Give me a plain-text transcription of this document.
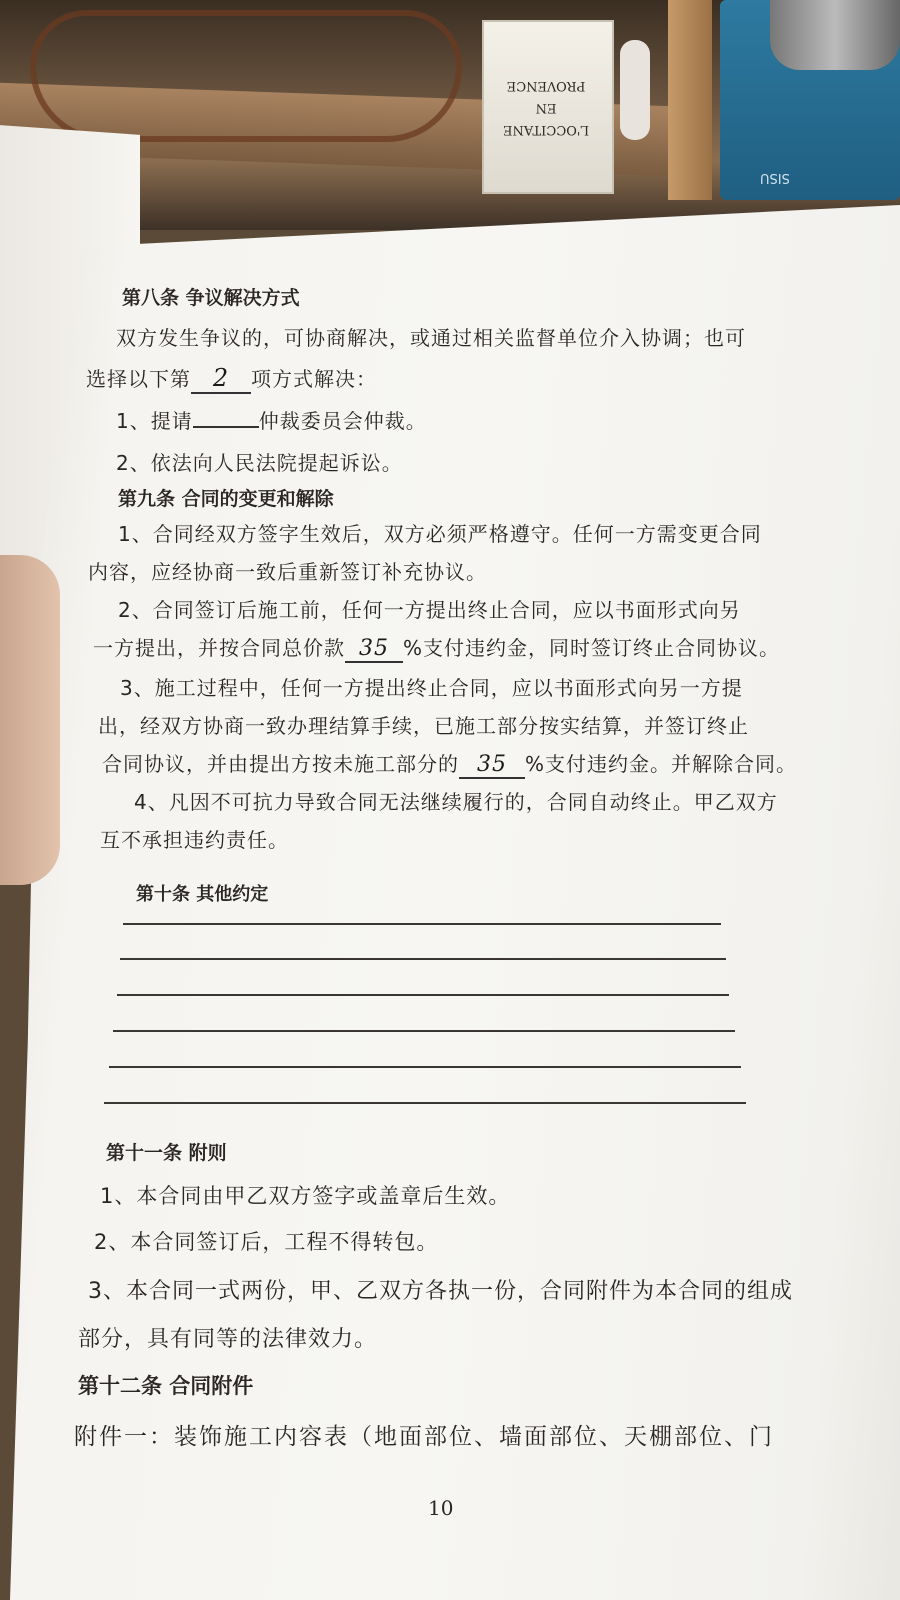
L'OCCITANE EN PROVENCE
SISU
第八条 争议解决方式
双方发生争议的，可协商解决，或通过相关监督单位介入协调；也可
选择以下第 2 项方式解决：
1、提请	仲裁委员会仲裁。
2、依法向人民法院提起诉讼。
第九条 合同的变更和解除
1、合同经双方签字生效后，双方必须严格遵守。任何一方需变更合同
内容，应经协商一致后重新签订补充协议。
2、合同签订后施工前，任何一方提出终止合同，应以书面形式向另
一方提出，并按合同总价款 35 %支付违约金，同时签订终止合同协议。
3、施工过程中，任何一方提出终止合同，应以书面形式向另一方提
出，经双方协商一致办理结算手续，已施工部分按实结算，并签订终止
合同协议，并由提出方按未施工部分的 35 %支付违约金。并解除合同。
4、凡因不可抗力导致合同无法继续履行的，合同自动终止。甲乙双方
互不承担违约责任。
第十条 其他约定
第十一条 附则
1、本合同由甲乙双方签字或盖章后生效。
2、本合同签订后，工程不得转包。
3、本合同一式两份，甲、乙双方各执一份，合同附件为本合同的组成
部分，具有同等的法律效力。
第十二条 合同附件
附件一：装饰施工内容表（地面部位、墙面部位、天棚部位、门
10
